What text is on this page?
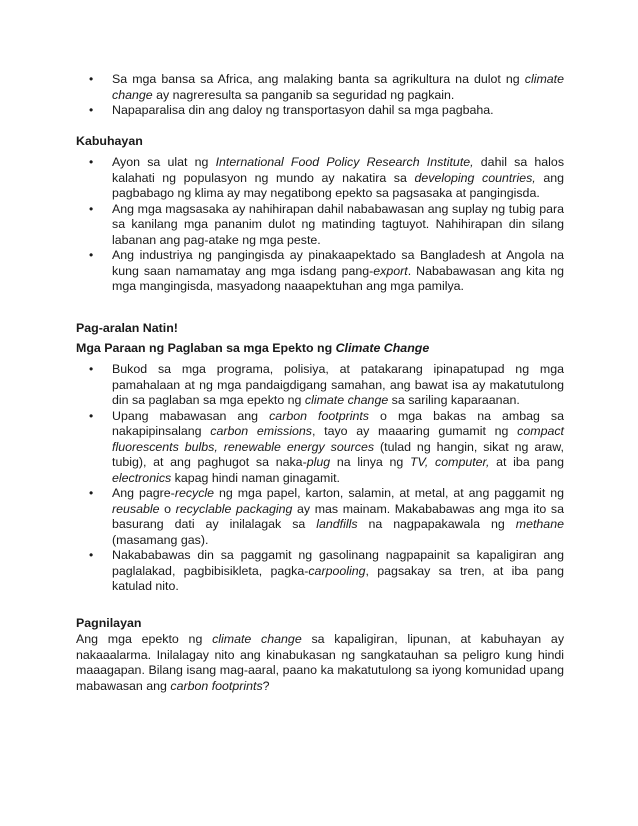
• Sa mga bansa sa Africa, ang malaking banta sa agrikultura na dulot ng climate change ay nagreresulta sa panganib sa seguridad ng pagkain.
• Napaparalisa din ang daloy ng transportasyon dahil sa mga pagbaha.
Kabuhayan
• Ayon sa ulat ng International Food Policy Research Institute, dahil sa halos kalahati ng populasyon ng mundo ay nakatira sa developing countries, ang pagbabago ng klima ay may negatibong epekto sa pagsasaka at pangingisda.
• Ang mga magsasaka ay nahihirapan dahil nababawasan ang suplay ng tubig para sa kanilang mga pananim dulot ng matinding tagtuyot. Nahihirapan din silang labanan ang pag-atake ng mga peste.
• Ang industriya ng pangingisda ay pinakaapektado sa Bangladesh at Angola na kung saan namamatay ang mga isdang pang-export. Nababawasan ang kita ng mga mangingisda, masyadong naaapektuhan ang mga pamilya.
Pag-aralan Natin!
Mga Paraan ng Paglaban sa mga Epekto ng Climate Change
• Bukod sa mga programa, polisiya, at patakarang ipinapatupad ng mga pamahalaan at ng mga pandaigdigang samahan, ang bawat isa ay makatutulong din sa paglaban sa mga epekto ng climate change sa sariling kaparaanan.
• Upang mabawasan ang carbon footprints o mga bakas na ambag sa nakapipinsalang carbon emissions, tayo ay maaaring gumamit ng compact fluorescents bulbs, renewable energy sources (tulad ng hangin, sikat ng araw, tubig), at ang paghugot sa naka-plug na linya ng TV, computer, at iba pang electronics kapag hindi naman ginagamit.
• Ang pagre-recycle ng mga papel, karton, salamin, at metal, at ang paggamit ng reusable o recyclable packaging ay mas mainam. Makababawas ang mga ito sa basurang dati ay inilalagak sa landfills na nagpapakawala ng methane (masamang gas).
• Nakababawas din sa paggamit ng gasolinang nagpapainit sa kapaligiran ang paglalakad, pagbibisikleta, pagka-carpooling, pagsakay sa tren, at iba pang katulad nito.
Pagnilayan

Ang mga epekto ng climate change sa kapaligiran, lipunan, at kabuhayan ay nakaaalarma. Inilalagay nito ang kinabukasan ng sangkatauhan sa peligro kung hindi maaagapan. Bilang isang mag-aaral, paano ka makatutulong sa iyong komunidad upang mabawasan ang carbon footprints?
